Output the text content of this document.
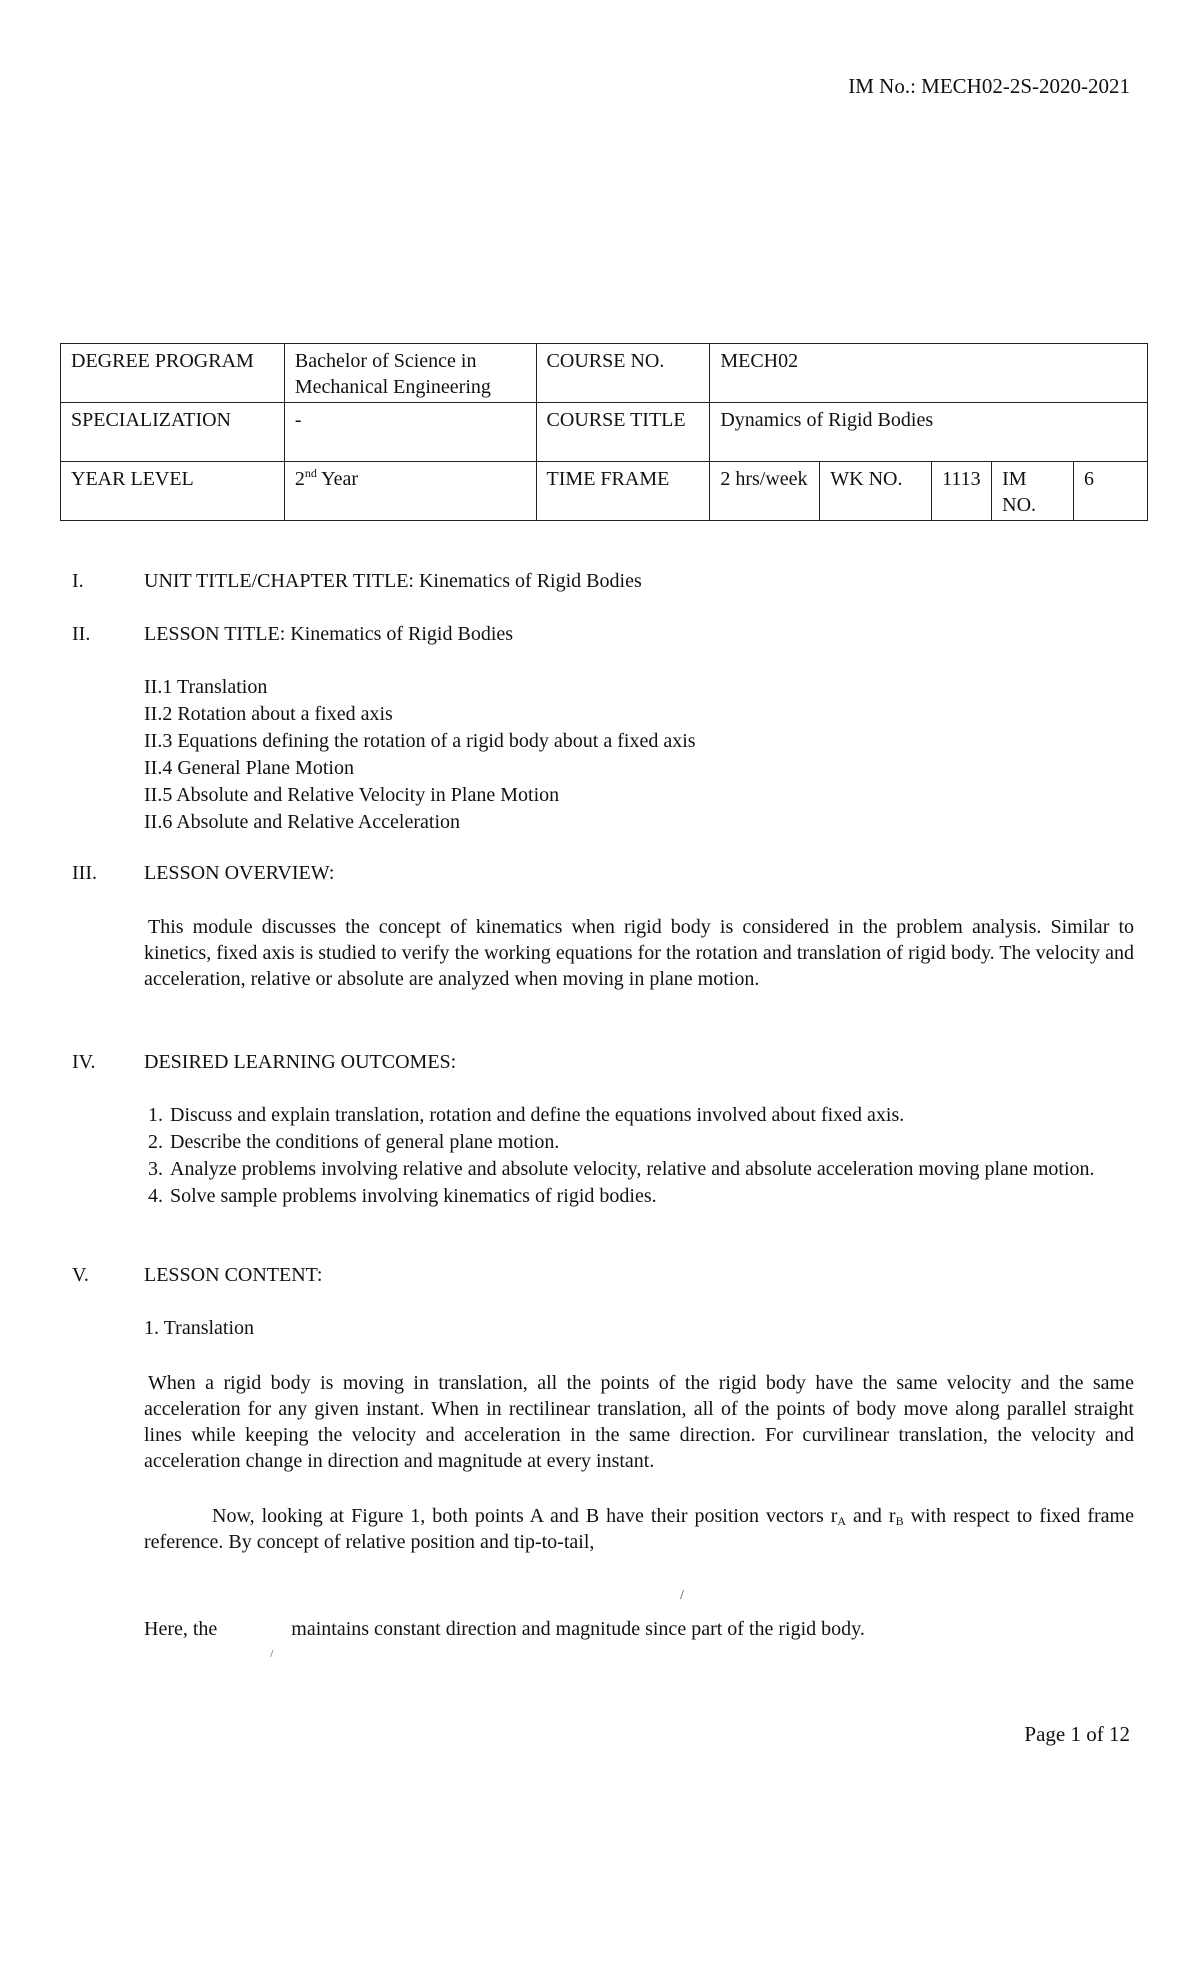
IM No.: MECH02-2S-2020-2021
DEGREE PROGRAM	Bachelor of Science in Mechanical Engineering	COURSE NO.	MECH02				
SPECIALIZATION	-	COURSE TITLE	Dynamics of Rigid Bodies				
YEAR LEVEL	2nd Year	TIME FRAME	2 hrs/week	WK NO.	1113	IM NO.	6
I.	UNIT TITLE/CHAPTER TITLE: Kinematics of Rigid Bodies
II.	LESSON TITLE: Kinematics of Rigid Bodies
II.1 Translation
II.2 Rotation about a fixed axis
II.3 Equations defining the rotation of a rigid body about a fixed axis
II.4 General Plane Motion
II.5 Absolute and Relative Velocity in Plane Motion
II.6 Absolute and Relative Acceleration
III. LESSON OVERVIEW:
This module discusses the concept of kinematics when rigid body is considered in the problem analysis. Similar to kinetics, fixed axis is studied to verify the working equations for the rotation and translation of rigid body. The velocity and acceleration, relative or absolute are analyzed when moving in plane motion.
IV. DESIRED LEARNING OUTCOMES:
1. Discuss and explain translation, rotation and define the equations involved about fixed axis.
2. Describe the conditions of general plane motion.
3. Analyze problems involving relative and absolute velocity, relative and absolute acceleration moving plane motion.
4. Solve sample problems involving kinematics of rigid bodies.
V.	LESSON CONTENT:
1. Translation
When a rigid body is moving in translation, all the points of the rigid body have the same velocity and the same acceleration for any given instant. When in rectilinear translation, all of the points of body move along parallel straight lines while keeping the velocity and acceleration in the same direction. For curvilinear translation, the velocity and acceleration change in direction and magnitude at every instant.
Now, looking at Figure 1, both points A and B have their position vectors $r_A$ and $r_B$ with respect to fixed frame reference. By concept of relative position and tip-to-tail,
/
Here, the
/
maintains constant direction and magnitude since part of the rigid body.
Page 1 of 12
